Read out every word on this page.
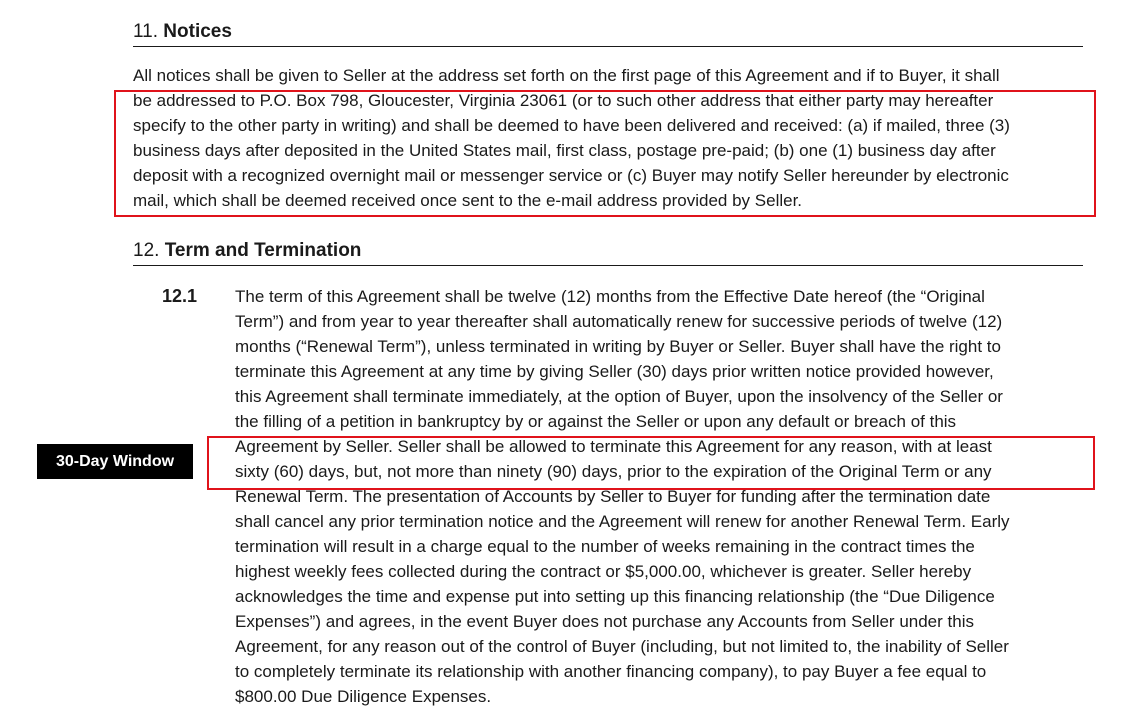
11. Notices
All notices shall be given to Seller at the address set forth on the first page of this Agreement and if to Buyer, it shall
be addressed to P.O. Box 798, Gloucester, Virginia 23061 (or to such other address that either party may hereafter
specify to the other party in writing) and shall be deemed to have been delivered and received: (a) if mailed, three (3)
business days after deposited in the United States mail, first class, postage pre-paid; (b) one (1) business day after
deposit with a recognized overnight mail or messenger service or (c) Buyer may notify Seller hereunder by electronic
mail, which shall be deemed received once sent to the e-mail address provided by Seller.
12. Term and Termination
12.1 The term of this Agreement shall be twelve (12) months from the Effective Date hereof (the “Original
Term”) and from year to year thereafter shall automatically renew for successive periods of twelve (12)
months (“Renewal Term”), unless terminated in writing by Buyer or Seller. Buyer shall have the right to
terminate this Agreement at any time by giving Seller (30) days prior written notice provided however,
this Agreement shall terminate immediately, at the option of Buyer, upon the insolvency of the Seller or
the filling of a petition in bankruptcy by or against the Seller or upon any default or breach of this
Agreement by Seller. Seller shall be allowed to terminate this Agreement for any reason, with at least
sixty (60) days, but, not more than ninety (90) days, prior to the expiration of the Original Term or any
Renewal Term. The presentation of Accounts by Seller to Buyer for funding after the termination date
shall cancel any prior termination notice and the Agreement will renew for another Renewal Term. Early
termination will result in a charge equal to the number of weeks remaining in the contract times the
highest weekly fees collected during the contract or $5,000.00, whichever is greater. Seller hereby
acknowledges the time and expense put into setting up this financing relationship (the “Due Diligence
Expenses”) and agrees, in the event Buyer does not purchase any Accounts from Seller under this
Agreement, for any reason out of the control of Buyer (including, but not limited to, the inability of Seller
to completely terminate its relationship with another financing company), to pay Buyer a fee equal to
$800.00 Due Diligence Expenses.
30-Day Window
